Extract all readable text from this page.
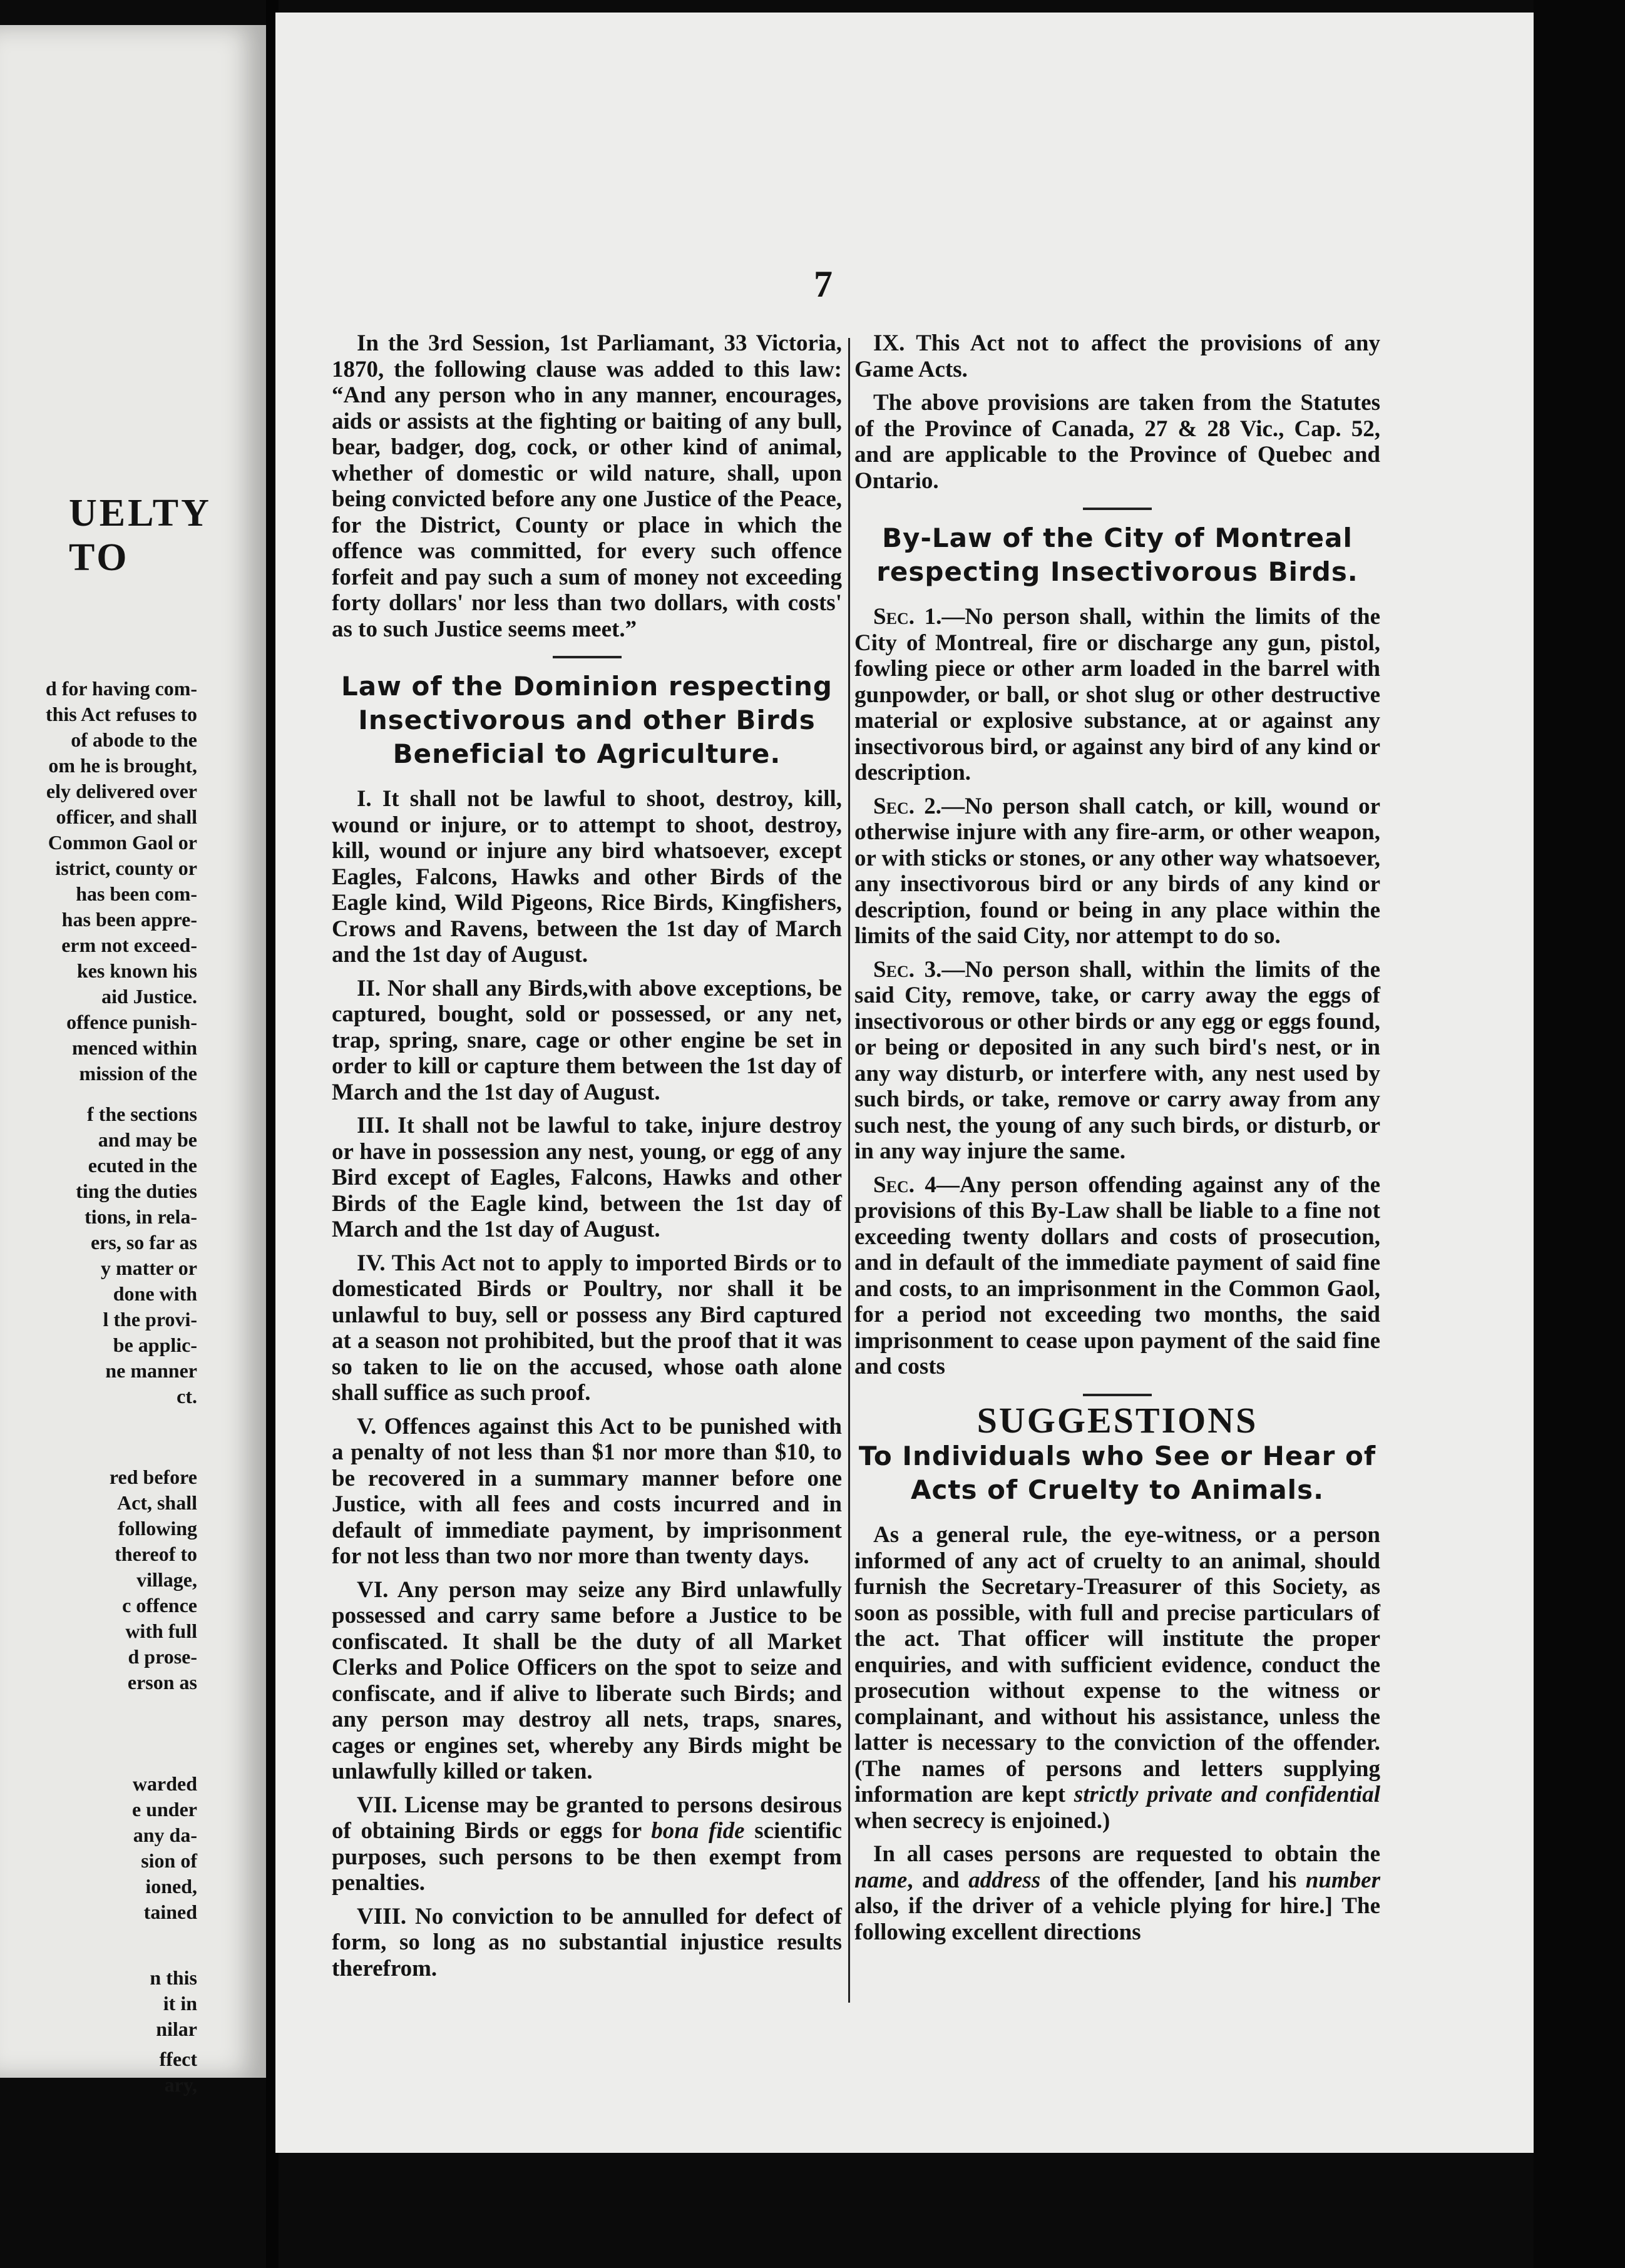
UELTY TO
d for having com-
this Act refuses to
of abode to the
om he is brought,
ely delivered over
officer, and shall
Common Gaol or
istrict, county or
has been com-
has been appre-
erm not exceed-
kes known his
aid Justice.
offence punish-
menced within
mission of the
f the sections
and may be
ecuted in the
ting the duties
tions, in rela-
ers, so far as
y matter or
done with
l the provi-
be applic-
ne manner
ct.
red before
Act, shall
following
thereof to
village,
c offence
with full
d prose-
erson as
warded
e under
any da-
sion of
ioned,
tained
n this
it in
nilar
ffect
ary,
7

In the 3rd Session, 1st Parliamant, 33 Victoria, 1870, the following clause was added to this law: “And any person who in any manner, encourages, aids or assists at the fighting or baiting of any bull, bear, badger, dog, cock, or other kind of animal, whether of domestic or wild nature, shall, upon being convicted before any one Justice of the Peace, for the District, County or place in which the offence was committed, for every such offence forfeit and pay such a sum of money not exceeding forty dollars' nor less than two dollars, with costs' as to such Justice seems meet.”

Law of the Dominion respecting Insectivorous and other Birds Beneficial to Agriculture.

I. It shall not be lawful to shoot, destroy, kill, wound or injure, or to attempt to shoot, destroy, kill, wound or injure any bird whatsoever, except Eagles, Falcons, Hawks and other Birds of the Eagle kind, Wild Pigeons, Rice Birds, Kingfishers, Crows and Ravens, between the 1st day of March and the 1st day of August.

II. Nor shall any Birds,with above exceptions, be captured, bought, sold or possessed, or any net, trap, spring, snare, cage or other engine be set in order to kill or capture them between the 1st day of March and the 1st day of August.

III. It shall not be lawful to take, injure destroy or have in possession any nest, young, or egg of any Bird except of Eagles, Falcons, Hawks and other Birds of the Eagle kind, between the 1st day of March and the 1st day of August.

IV. This Act not to apply to imported Birds or to domesticated Birds or Poultry, nor shall it be unlawful to buy, sell or possess any Bird captured at a season not prohibited, but the proof that it was so taken to lie on the accused, whose oath alone shall suffice as such proof.

V. Offences against this Act to be punished with a penalty of not less than $1 nor more than $10, to be recovered in a summary manner before one Justice, with all fees and costs incurred and in default of immediate payment, by imprisonment for not less than two nor more than twenty days.

VI. Any person may seize any Bird unlawfully possessed and carry same before a Justice to be confiscated. It shall be the duty of all Market Clerks and Police Officers on the spot to seize and confiscate, and if alive to liberate such Birds; and any person may destroy all nets, traps, snares, cages or engines set, whereby any Birds might be unlawfully killed or taken.

VII. License may be granted to persons desirous of obtaining Birds or eggs for bona fide scientific purposes, such persons to be then exempt from penalties.

VIII. No conviction to be annulled for defect of form, so long as no substantial injustice results therefrom.

IX. This Act not to affect the provisions of any Game Acts.

The above provisions are taken from the Statutes of the Province of Canada, 27 & 28 Vic., Cap. 52, and are applicable to the Province of Quebec and Ontario.

By-Law of the City of Montreal respecting Insectivorous Birds.

Sec. 1.—No person shall, within the limits of the City of Montreal, fire or discharge any gun, pistol, fowling piece or other arm loaded in the barrel with gunpowder, or ball, or shot slug or other destructive material or explosive substance, at or against any insectivorous bird, or against any bird of any kind or description.

Sec. 2.—No person shall catch, or kill, wound or otherwise injure with any fire-arm, or other weapon, or with sticks or stones, or any other way whatsoever, any insectivorous bird or any birds of any kind or description, found or being in any place within the limits of the said City, nor attempt to do so.

Sec. 3.—No person shall, within the limits of the said City, remove, take, or carry away the eggs of insectivorous or other birds or any egg or eggs found, or being or deposited in any such bird's nest, or in any way disturb, or interfere with, any nest used by such birds, or take, remove or carry away from any such nest, the young of any such birds, or disturb, or in any way injure the same.

Sec. 4—Any person offending against any of the provisions of this By-Law shall be liable to a fine not exceeding twenty dollars and costs of prosecution, and in default of the immediate payment of said fine and costs, to an imprisonment in the Common Gaol, for a period not exceeding two months, the said imprisonment to cease upon payment of the said fine and costs

SUGGESTIONS
To Individuals who See or Hear of Acts of Cruelty to Animals.

As a general rule, the eye-witness, or a person informed of any act of cruelty to an animal, should furnish the Secretary-Treasurer of this Society, as soon as possible, with full and precise particulars of the act. That officer will institute the proper enquiries, and with sufficient evidence, conduct the prosecution without expense to the witness or complainant, and without his assistance, unless the latter is necessary to the conviction of the offender. (The names of persons and letters supplying information are kept strictly private and confidential when secrecy is enjoined.)

In all cases persons are requested to obtain the name, and address of the offender, [and his number also, if the driver of a vehicle plying for hire.] The following excellent directions
